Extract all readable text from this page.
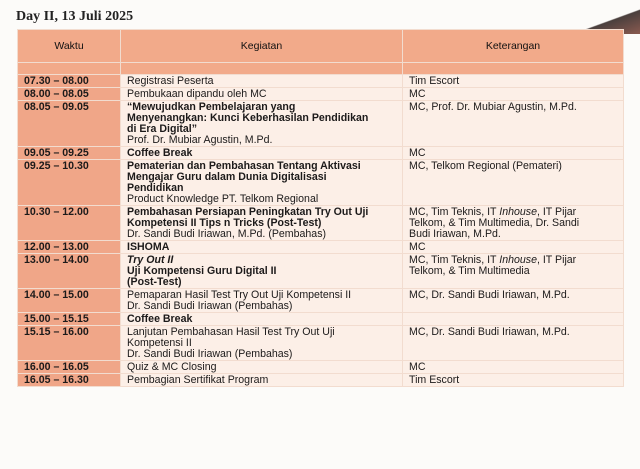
Day II, 13 Juli 2025
Waktu	Kegiatan	Keterangan

07.30 – 08.00	Registrasi Peserta	Tim Escort

08.00 – 08.05	Pembukaan dipandu oleh MC	MC

08.05 – 09.05	“Mewujudkan Pembelajaran yang
Menyenangkan: Kunci Keberhasilan Pendidikan
di Era Digital”
Prof. Dr. Mubiar Agustin, M.Pd.	MC, Prof. Dr. Mubiar Agustin, M.Pd.

09.05 – 09.25	Coffee Break	MC

09.25 – 10.30	Pematerian dan Pembahasan Tentang Aktivasi
Mengajar Guru dalam Dunia Digitalisasi
Pendidikan
Product Knowledge PT. Telkom Regional	MC, Telkom Regional (Pemateri)

10.30 – 12.00	Pembahasan Persiapan Peningkatan Try Out Uji
Kompetensi II Tips n Tricks (Post-Test)
Dr. Sandi Budi Iriawan, M.Pd. (Pembahas)	MC, Tim Teknis, IT Inhouse, IT Pijar
Telkom, & Tim Multimedia, Dr. Sandi
Budi Iriawan, M.Pd.

12.00 – 13.00	ISHOMA	MC

13.00 – 14.00	Try Out II
Uji Kompetensi Guru Digital II
(Post-Test)	MC, Tim Teknis, IT Inhouse, IT Pijar
Telkom, & Tim Multimedia

14.00 – 15.00	Pemaparan Hasil Test Try Out Uji Kompetensi II
Dr. Sandi Budi Iriawan (Pembahas)	MC, Dr. Sandi Budi Iriawan, M.Pd.

15.00 – 15.15	Coffee Break	

15.15 – 16.00	Lanjutan Pembahasan Hasil Test Try Out Uji
Kompetensi II
Dr. Sandi Budi Iriawan (Pembahas)	MC, Dr. Sandi Budi Iriawan, M.Pd.

16.00 – 16.05	Quiz & MC Closing	MC

16.05 – 16.30	Pembagian Sertifikat Program	Tim Escort
